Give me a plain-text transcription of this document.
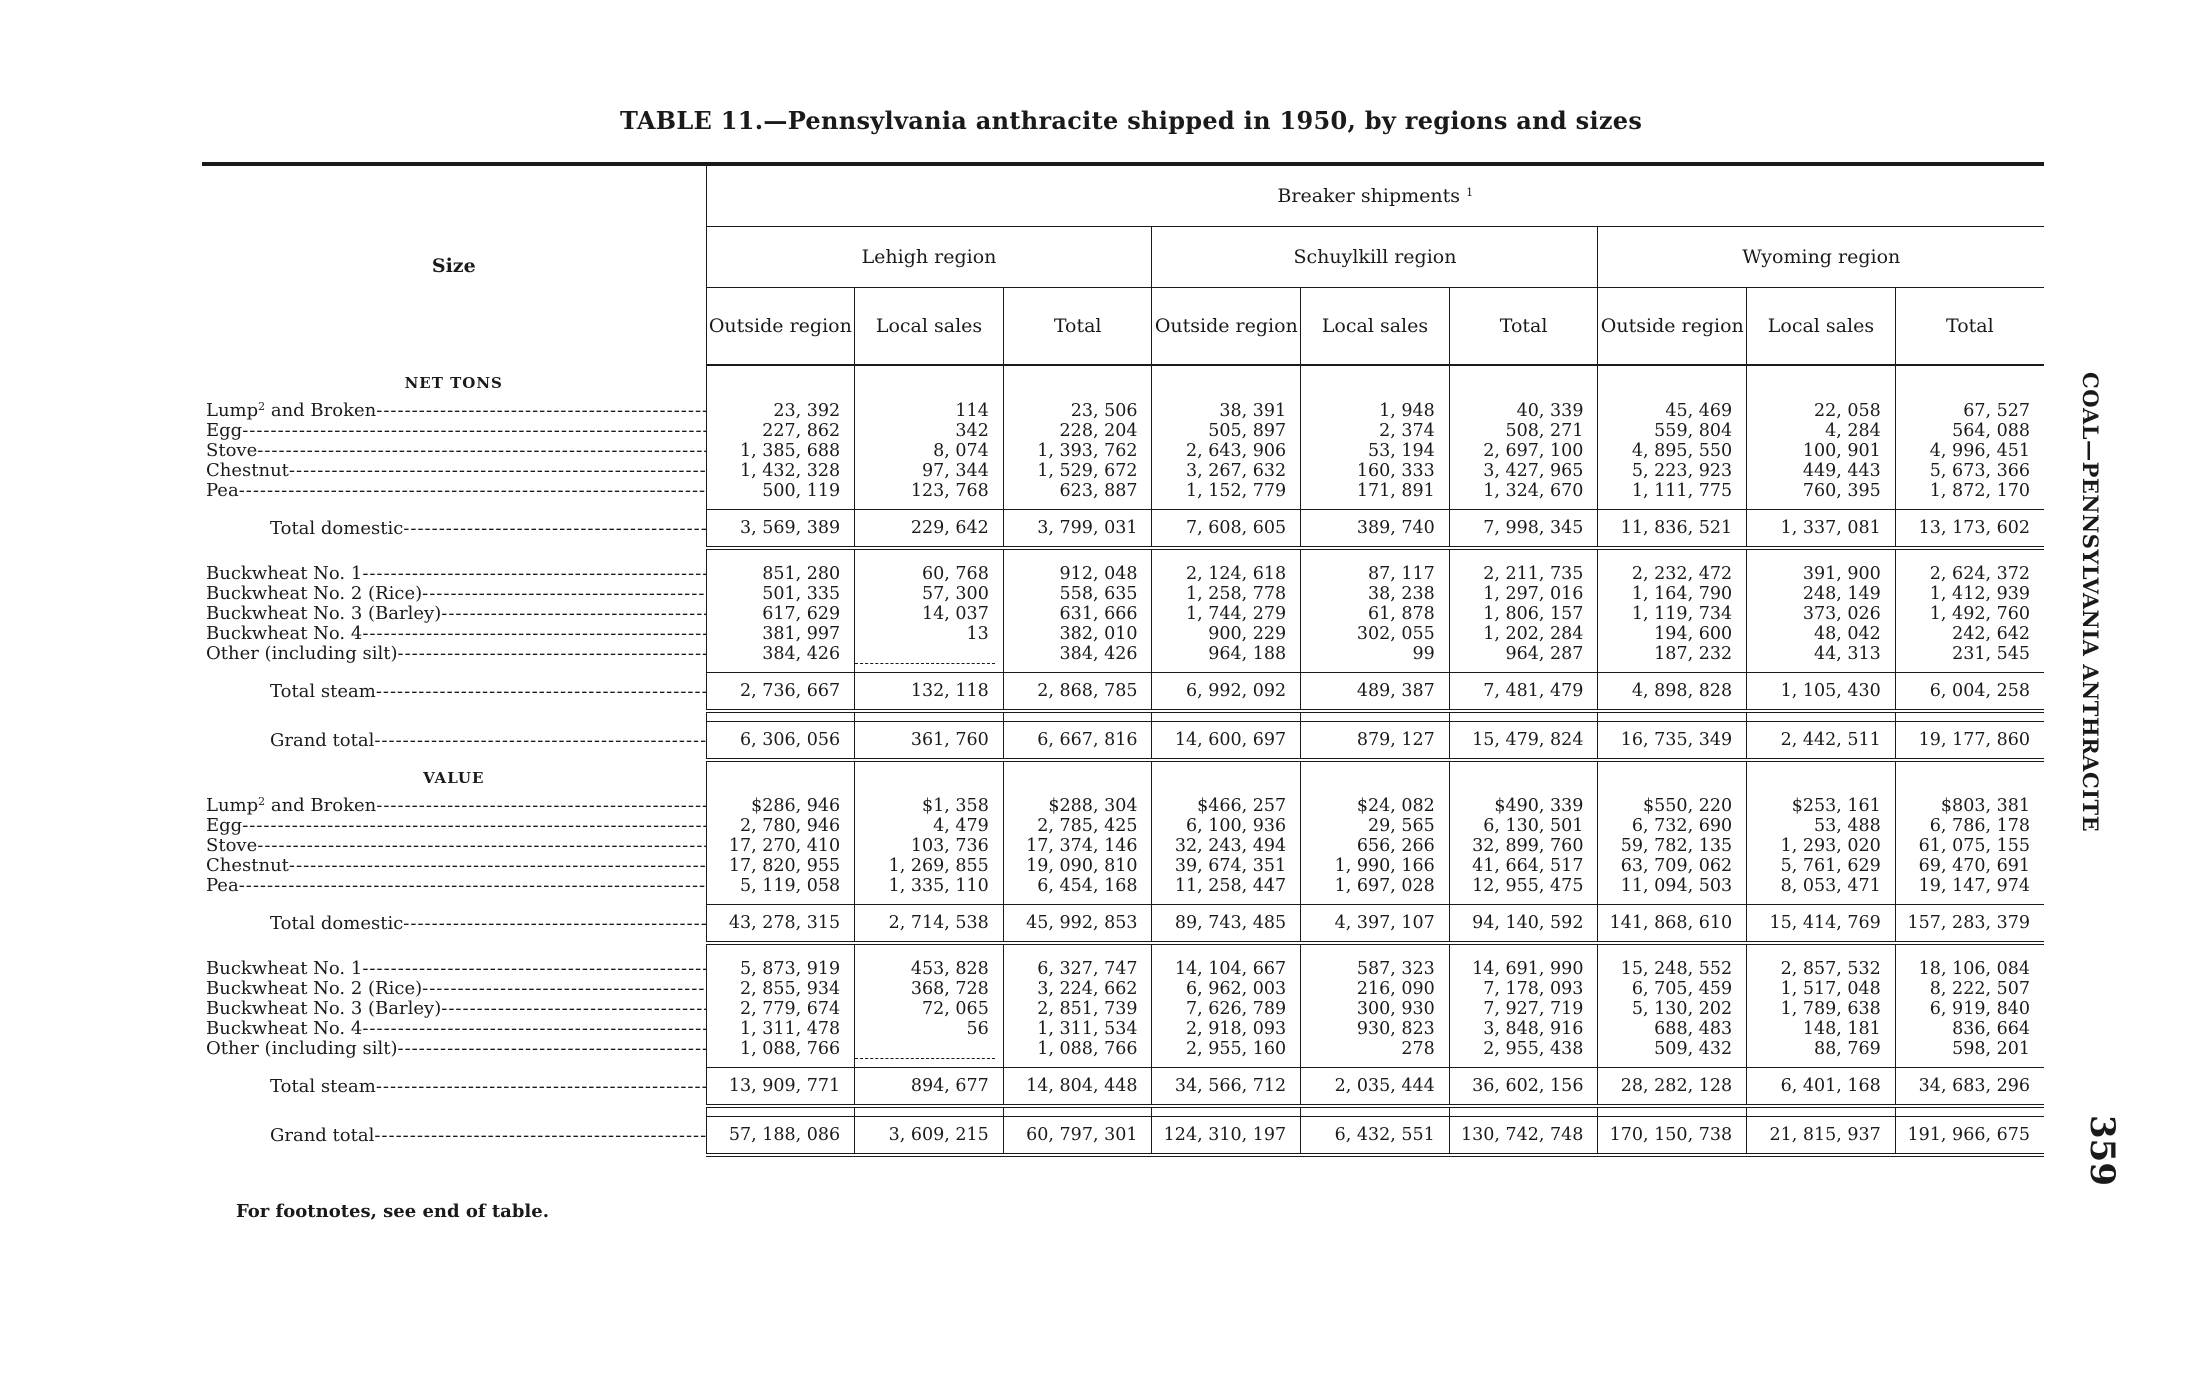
TABLE 11.—Pennsylvania anthracite shipped in 1950, by regions and sizes

Size	Breaker shipments $^1$
	Lehigh region			Schuylkill region			Wyoming region		
	Outside region	Local sales	Total	Outside region	Local sales	Total	Outside region	Local sales	Total
NET TONS									
Lump$^2$ and Broken -----	23, 392	114	23, 506	38, 391	1, 948	40, 339	45, 469	22, 058	67, 527
Egg -----	227, 862	342	228, 204	505, 897	2, 374	508, 271	559, 804	4, 284	564, 088
Stove -----	1, 385, 688	8, 074	1, 393, 762	2, 643, 906	53, 194	2, 697, 100	4, 895, 550	100, 901	4, 996, 451
Chestnut -----	1, 432, 328	97, 344	1, 529, 672	3, 267, 632	160, 333	3, 427, 965	5, 223, 923	449, 443	5, 673, 366
Pea -----	500, 119	123, 768	623, 887	1, 152, 779	171, 891	1, 324, 670	1, 111, 775	760, 395	1, 872, 170

Total domestic -----	3, 569, 389	229, 642	3, 799, 031	7, 608, 605	389, 740	7, 998, 345	11, 836, 521	1, 337, 081	13, 173, 602

Buckwheat No. 1 -----	851, 280	60, 768	912, 048	2, 124, 618	87, 117	2, 211, 735	2, 232, 472	391, 900	2, 624, 372
Buckwheat No. 2 (Rice) -----	501, 335	57, 300	558, 635	1, 258, 778	38, 238	1, 297, 016	1, 164, 790	248, 149	1, 412, 939
Buckwheat No. 3 (Barley) -----	617, 629	14, 037	631, 666	1, 744, 279	61, 878	1, 806, 157	1, 119, 734	373, 026	1, 492, 760
Buckwheat No. 4 -----	381, 997	13	382, 010	900, 229	302, 055	1, 202, 284	194, 600	48, 042	242, 642
Other (including silt) -----	384, 426		384, 426	964, 188	99	964, 287	187, 232	44, 313	231, 545

Total steam -----	2, 736, 667	132, 118	2, 868, 785	6, 992, 092	489, 387	7, 481, 479	4, 898, 828	1, 105, 430	6, 004, 258

Grand total -----	6, 306, 056	361, 760	6, 667, 816	14, 600, 697	879, 127	15, 479, 824	16, 735, 349	2, 442, 511	19, 177, 860
VALUE									
Lump$^2$ and Broken -----	$286, 946	$1, 358	$288, 304	$466, 257	$24, 082	$490, 339	$550, 220	$253, 161	$803, 381
Egg -----	2, 780, 946	4, 479	2, 785, 425	6, 100, 936	29, 565	6, 130, 501	6, 732, 690	53, 488	6, 786, 178
Stove -----	17, 270, 410	103, 736	17, 374, 146	32, 243, 494	656, 266	32, 899, 760	59, 782, 135	1, 293, 020	61, 075, 155
Chestnut -----	17, 820, 955	1, 269, 855	19, 090, 810	39, 674, 351	1, 990, 166	41, 664, 517	63, 709, 062	5, 761, 629	69, 470, 691
Pea -----	5, 119, 058	1, 335, 110	6, 454, 168	11, 258, 447	1, 697, 028	12, 955, 475	11, 094, 503	8, 053, 471	19, 147, 974

Total domestic -----	43, 278, 315	2, 714, 538	45, 992, 853	89, 743, 485	4, 397, 107	94, 140, 592	141, 868, 610	15, 414, 769	157, 283, 379

Buckwheat No. 1 -----	5, 873, 919	453, 828	6, 327, 747	14, 104, 667	587, 323	14, 691, 990	15, 248, 552	2, 857, 532	18, 106, 084
Buckwheat No. 2 (Rice) -----	2, 855, 934	368, 728	3, 224, 662	6, 962, 003	216, 090	7, 178, 093	6, 705, 459	1, 517, 048	8, 222, 507
Buckwheat No. 3 (Barley) -----	2, 779, 674	72, 065	2, 851, 739	7, 626, 789	300, 930	7, 927, 719	5, 130, 202	1, 789, 638	6, 919, 840
Buckwheat No. 4 -----	1, 311, 478	56	1, 311, 534	2, 918, 093	930, 823	3, 848, 916	688, 483	148, 181	836, 664
Other (including silt) -----	1, 088, 766		1, 088, 766	2, 955, 160	278	2, 955, 438	509, 432	88, 769	598, 201

Total steam -----	13, 909, 771	894, 677	14, 804, 448	34, 566, 712	2, 035, 444	36, 602, 156	28, 282, 128	6, 401, 168	34, 683, 296

Grand total -----	57, 188, 086	3, 609, 215	60, 797, 301	124, 310, 197	6, 432, 551	130, 742, 748	170, 150, 738	21, 815, 937	191, 966, 675
COAL—PENNSYLVANIA ANTHRACITE
359
For footnotes, see end of table.
